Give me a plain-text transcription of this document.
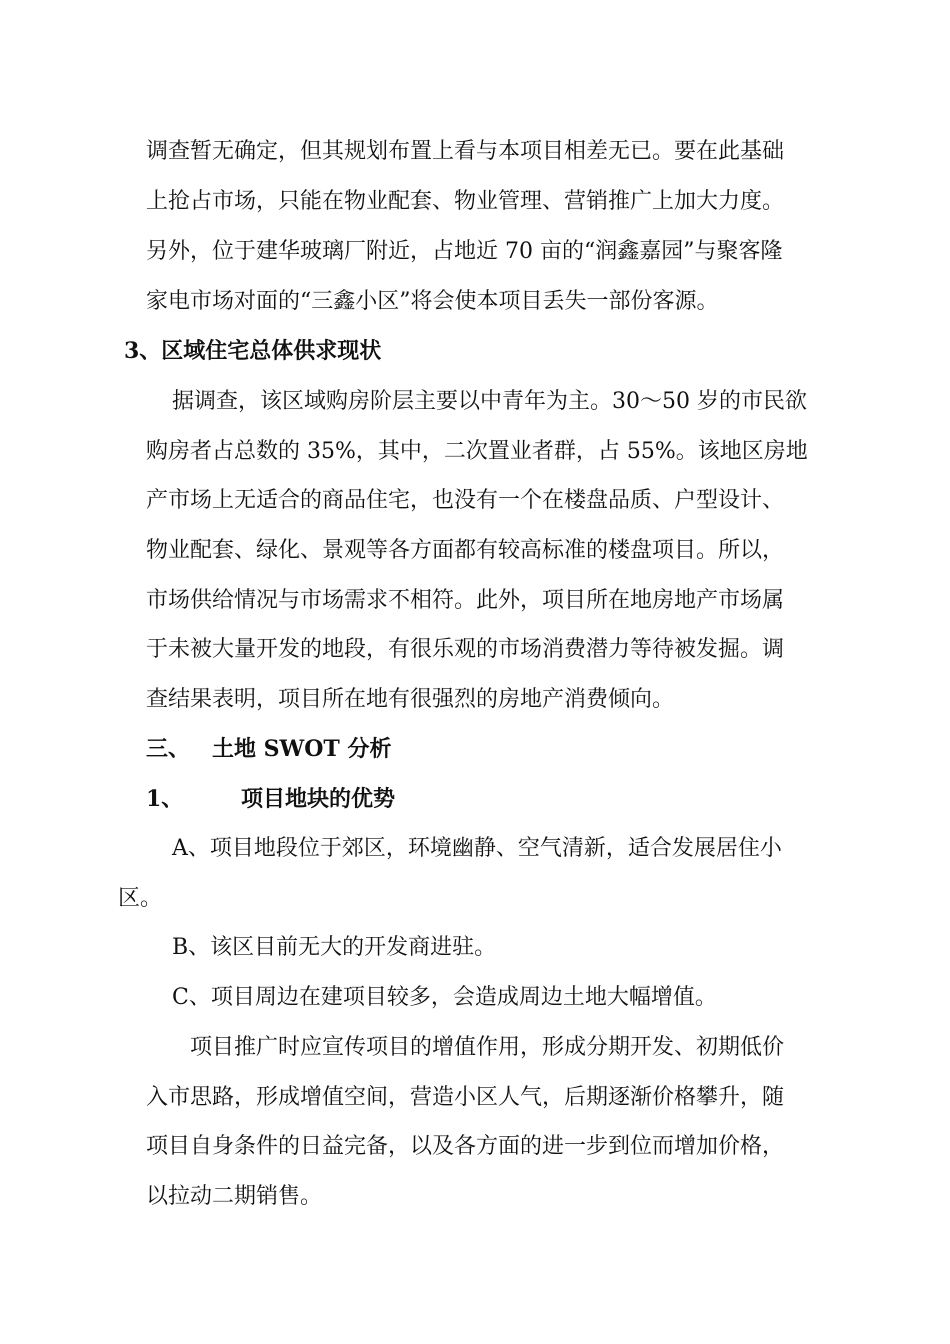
调查暂无确定，但其规划布置上看与本项目相差无已。要在此基础
上抢占市场，只能在物业配套、物业管理、营销推广上加大力度。
另外，位于建华玻璃厂附近，占地近 70 亩的“润鑫嘉园”与聚客隆
家电市场对面的“三鑫小区”将会使本项目丢失一部份客源。
3、区域住宅总体供求现状
据调查，该区域购房阶层主要以中青年为主。30～50 岁的市民欲
购房者占总数的 35%，其中，二次置业者群，占 55%。该地区房地
产市场上无适合的商品住宅，也没有一个在楼盘品质、户型设计、
物业配套、绿化、景观等各方面都有较高标准的楼盘项目。所以，
市场供给情况与市场需求不相符。此外，项目所在地房地产市场属
于未被大量开发的地段，有很乐观的市场消费潜力等待被发掘。调
查结果表明，项目所在地有很强烈的房地产消费倾向。
三、 土地 SWOT 分析
1、	项目地块的优势
A、项目地段位于郊区，环境幽静、空气清新，适合发展居住小
区。
B、该区目前无大的开发商进驻。
C、项目周边在建项目较多，会造成周边土地大幅增值。
项目推广时应宣传项目的增值作用，形成分期开发、初期低价
入市思路，形成增值空间，营造小区人气，后期逐渐价格攀升，随
项目自身条件的日益完备，以及各方面的进一步到位而增加价格，
以拉动二期销售。
